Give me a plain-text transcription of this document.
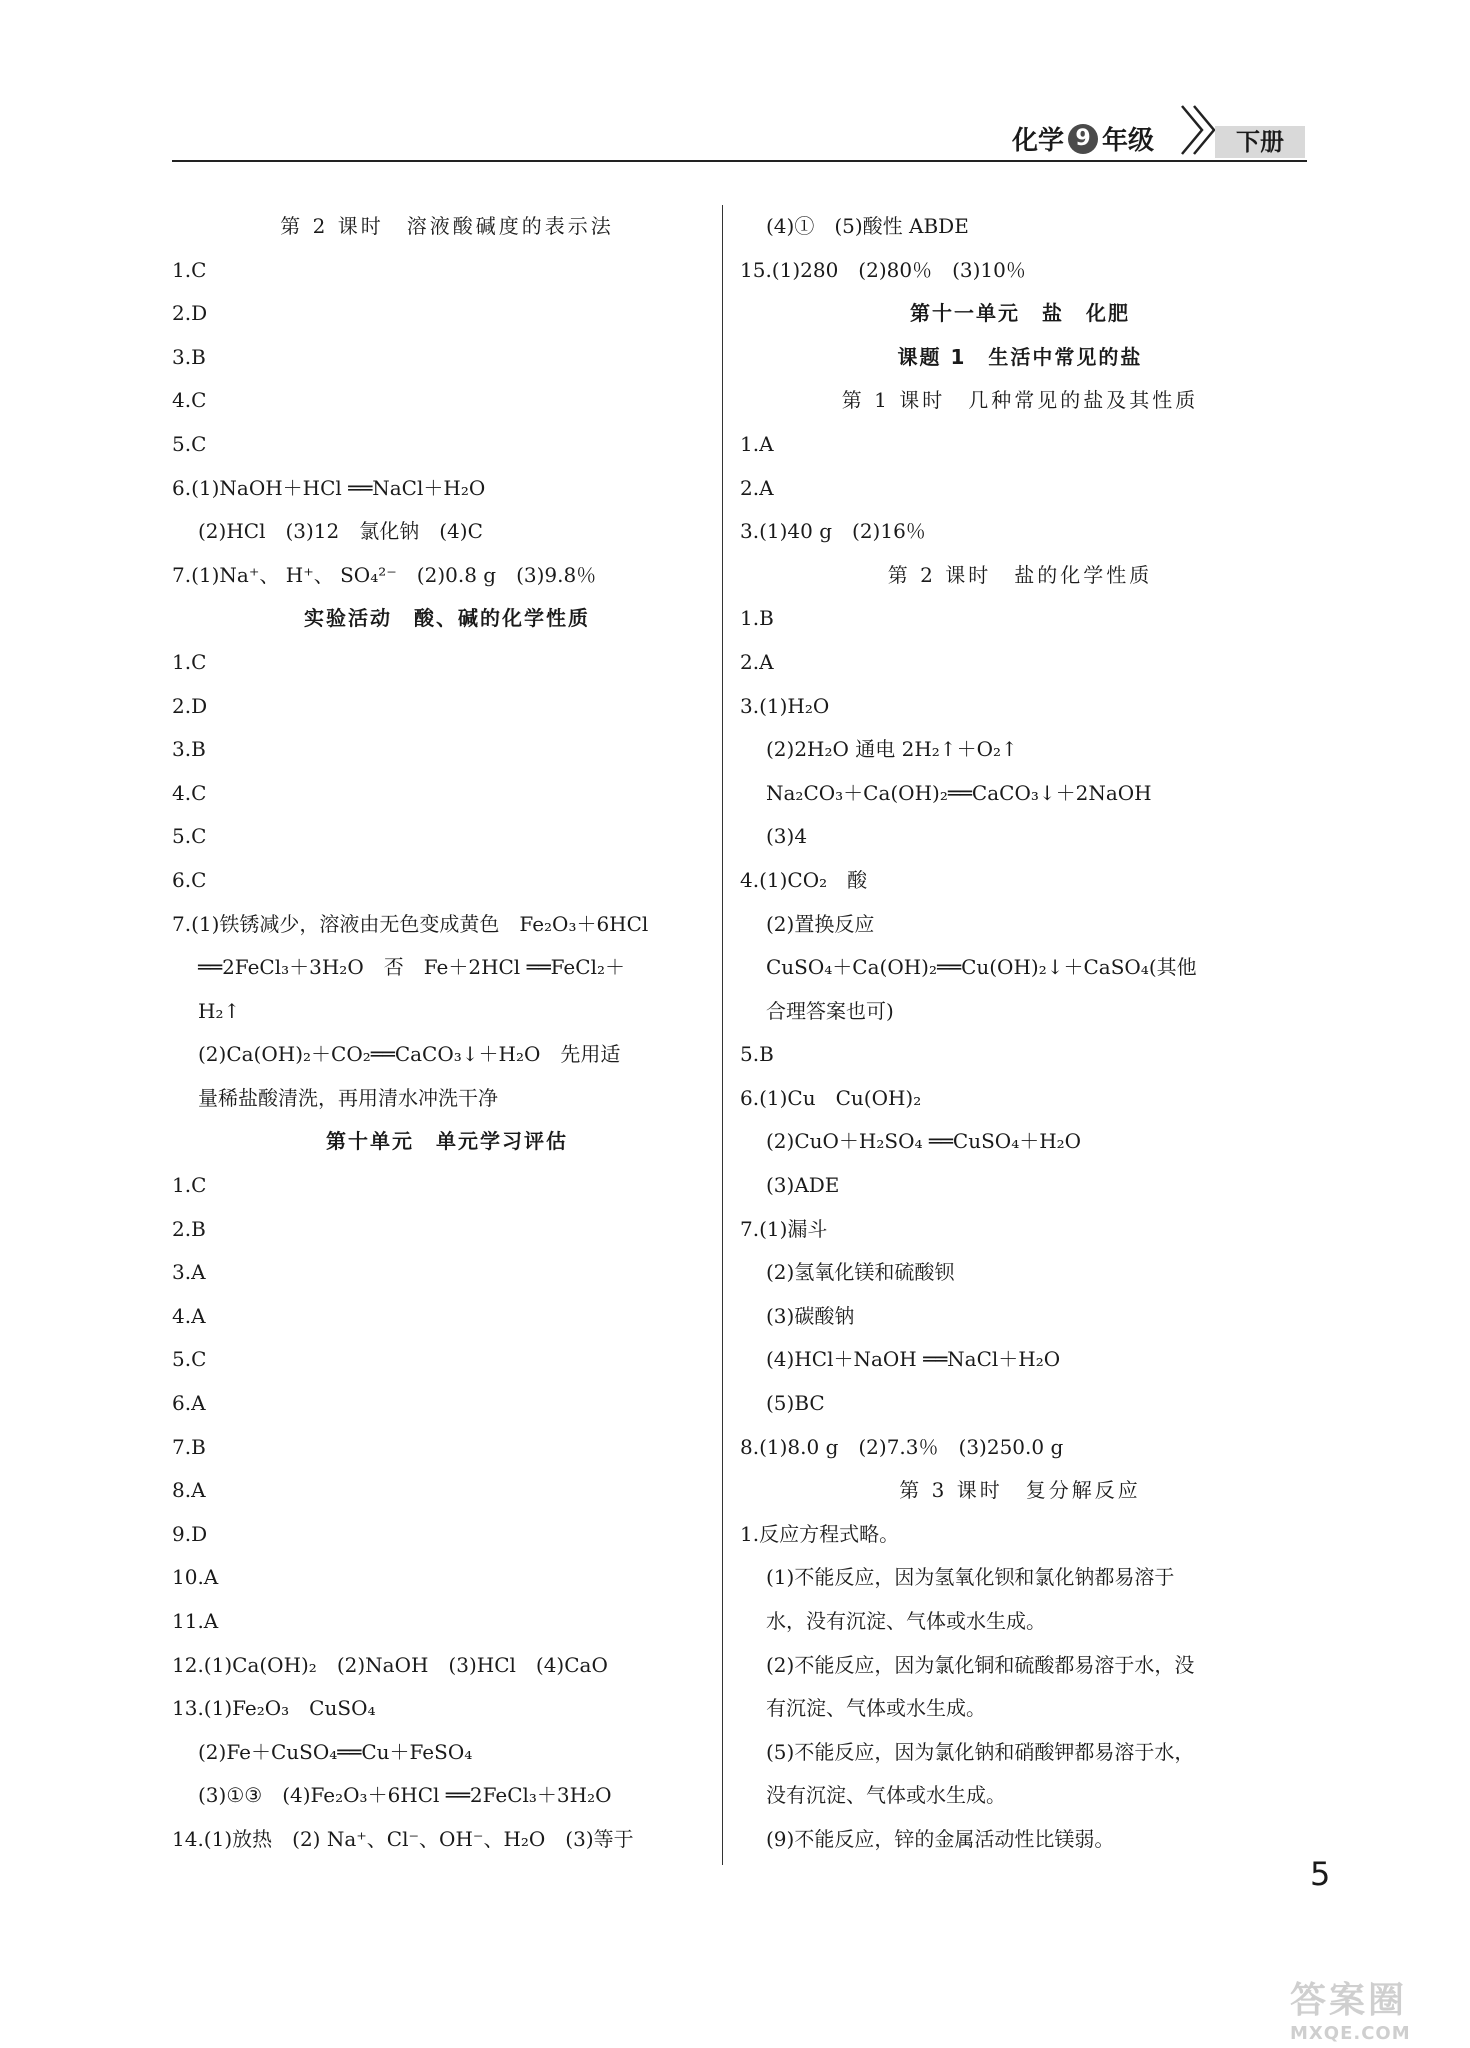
化学 9 年级	下册
第 2 课时　溶液酸碱度的表示法
1.C
2.D
3.B
4.C
5.C
6.(1)NaOH＋HCl ══NaCl＋H₂O
(2)HCl　(3)12　氯化钠　(4)C
7.(1)Na⁺、 H⁺、 SO₄²⁻　(2)0.8 g　(3)9.8％
实验活动　酸、碱的化学性质
1.C
2.D
3.B
4.C
5.C
6.C
7.(1)铁锈减少，溶液由无色变成黄色　Fe₂O₃＋6HCl
══2FeCl₃＋3H₂O　否　Fe＋2HCl ══FeCl₂＋
H₂↑
(2)Ca(OH)₂＋CO₂══CaCO₃↓＋H₂O　先用适
量稀盐酸清洗，再用清水冲洗干净
第十单元　单元学习评估
1.C
2.B
3.A
4.A
5.C
6.A
7.B
8.A
9.D
10.A
11.A
12.(1)Ca(OH)₂　(2)NaOH　(3)HCl　(4)CaO
13.(1)Fe₂O₃　CuSO₄
(2)Fe＋CuSO₄══Cu＋FeSO₄
(3)①③　(4)Fe₂O₃＋6HCl ══2FeCl₃＋3H₂O
14.(1)放热　(2) Na⁺、Cl⁻、OH⁻、H₂O　(3)等于
(4)①　(5)酸性 ABDE
15.(1)280　(2)80％　(3)10％
第十一单元　盐　化肥
课题 1　生活中常见的盐
第 1 课时　几种常见的盐及其性质
1.A
2.A
3.(1)40 g　(2)16％
第 2 课时　盐的化学性质
1.B
2.A
3.(1)H₂O
(2)2H₂O 通电 2H₂↑＋O₂↑
Na₂CO₃＋Ca(OH)₂══CaCO₃↓＋2NaOH
(3)4
4.(1)CO₂　酸
(2)置换反应
CuSO₄＋Ca(OH)₂══Cu(OH)₂↓＋CaSO₄(其他
合理答案也可)
5.B
6.(1)Cu　Cu(OH)₂
(2)CuO＋H₂SO₄ ══CuSO₄＋H₂O
(3)ADE
7.(1)漏斗
(2)氢氧化镁和硫酸钡
(3)碳酸钠
(4)HCl＋NaOH ══NaCl＋H₂O
(5)BC
8.(1)8.0 g　(2)7.3％　(3)250.0 g
第 3 课时　复分解反应
1.反应方程式略。
(1)不能反应，因为氢氧化钡和氯化钠都易溶于
水，没有沉淀、气体或水生成。
(2)不能反应，因为氯化铜和硫酸都易溶于水，没
有沉淀、气体或水生成。
(5)不能反应，因为氯化钠和硝酸钾都易溶于水，
没有沉淀、气体或水生成。
(9)不能反应，锌的金属活动性比镁弱。
5
答案圈
MXQE.COM
